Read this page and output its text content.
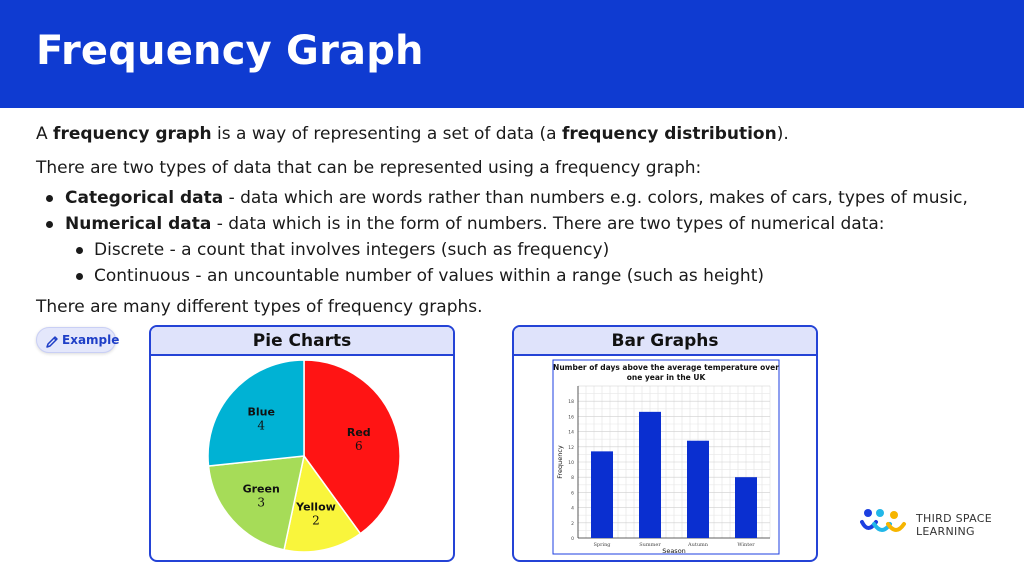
Frequency Graph
A frequency graph is a way of representing a set of data (a frequency distribution).
There are two types of data that can be represented using a frequency graph:
Categorical data - data which are words rather than numbers e.g. colors, makes of cars, types of music,
Numerical data - data which is in the form of numbers. There are two types of numerical data:
Discrete - a count that involves integers (such as frequency)
Continuous - an uncountable number of values within a range (such as height)
There are many different types of frequency graphs.
Example	Pie Charts
Red
6
Yellow
2
Green
3
Blue
4
Bar Graphs
Number of days above the average temperature over
one year in the UK
0
2
4
6
8
10
12
14
16
18
Spring	Summer	Autumn	Winter
Season
Frequency
THIRD SPACE
LEARNING
